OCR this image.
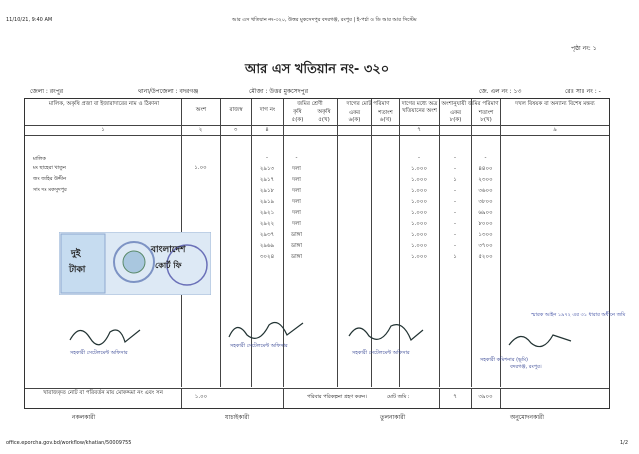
11/10/21, 9:40 AM	আর এস খতিয়ান নং-৩২০, উত্তর মুকসেদপুর বদরগঞ্জ, রংপুর | ই-পর্চা ও ডি আর আর সিস্টেম
পৃষ্ঠা নং: ১
আর এস খতিয়ান নং- ৩২০
জেলা : রংপুর	থানা/উপজেলা : বদরগঞ্জ	মৌজা : উত্তর মুকসেদপুর	জে. এল নং : ১৩	রেঃ সাঃ নং : -
মালিক, অকৃষি প্রজা বা ইজারাদারের নাম ও ঠিকানা
অংশ	রাজস্ব	দাগ নং
জমির শ্রেণী
কৃষি	অকৃষি
৫(ক)	৫(খ)
দাগের মোট পরিমাণ
একর	শতাংশ
৬(ক)	৬(খ)
দাগের মধ্যে অত্র খতিয়ানের অংশ
অংশানুযায়ী জমির পরিমাণ
একর	শতাংশ
৮(ক)	৮(খ)
দখল বিষয়ক বা অন্যান্য বিশেষ মন্তব্য
১	২	৩	৪	৭	৯
মালিক
মং ছাহেরা খাতুন
জং জহির উদ্দীন
সাং দঃ মকসুদপুর
১.০০
-	-	-	-	-
২৯১৩	দলা	১.০০০	-	৪৪০০
২৯১৭	দলা	১.০০০	১	২৩০০
২৯১৮	দলা	১.০০০	-	৩৬০০
২৯১৯	দলা	১.০০০	-	৩৮০০
২৯২১	দলা	১.০০০	-	৬৯০০
২৯২২	দলা	১.০০০	-	৮০০০
২৯৩৭	ডাঙ্গা	১.০০০	-	১৩০০
২৯৬৯	ডাঙ্গা	১.০০০	-	৩৭০০
৩০২৪	ডাঙ্গা	১.০০০	১	৫২০০
স্মারক আইন ১৯৭২ এর ৩১ ধারার অধীনে জমি
খারাজকৃত নোট বা পরিবর্তন মায় মোকদ্দমা নং এবং সন
১.০০	পরিবার পরিকল্পনা গ্রহণ করুন।	মোট জমি :	৭	৩৯০০
দুই
টাকা
বাংলাদেশ
কোর্ট ফি
সহকারী সেটেলমেন্ট অফিসার
সহকারী সেটেলমেন্ট অফিসার
সহকারী সেটেলমেন্ট অফিসার
সহকারী কমিশনার (ভূমি)
বদরগঞ্জ, রংপুর।
নকলকারী	যাচাইকারী	তুলনাকারী	অনুমোদনকারী
office.eporcha.gov.bd/workflow/khatian/50009755	1/2
